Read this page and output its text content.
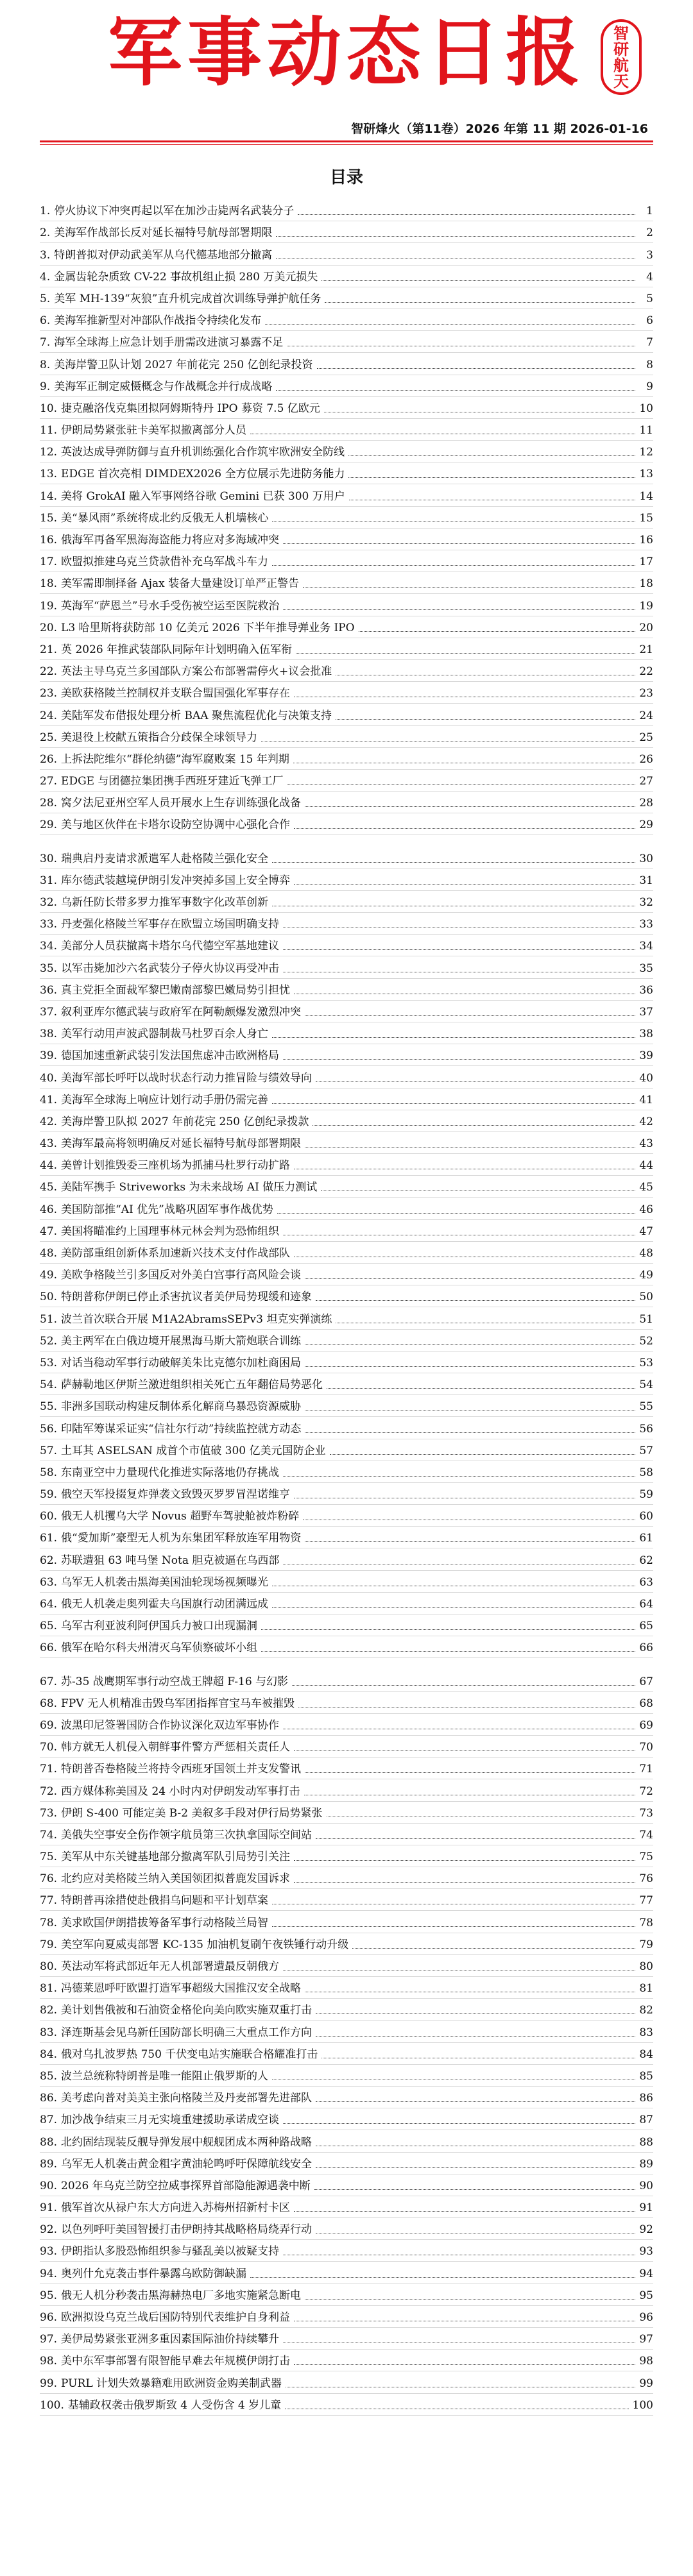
军事动态日报	智
研
航
天
智研烽火（第11卷）2026 年第 11 期 2026-01-16
目录
1. 停火协议下冲突再起以军在加沙击毙两名武装分子	1
2. 美海军作战部长反对延长福特号航母部署期限	2
3. 特朗普拟对伊动武美军从乌代德基地部分撤离	3
4. 金属齿轮杂质致 CV-22 事故机组止损 280 万美元损失	4
5. 美军 MH-139“灰狼”直升机完成首次训练导弹护航任务	5
6. 美海军推新型对冲部队作战指令持续化发布	6
7. 海军全球海上应急计划手册需改进演习暴露不足	7
8. 美海岸警卫队计划 2027 年前花完 250 亿创纪录投资	8
9. 美海军正制定威慑概念与作战概念并行成战略	9
10. 捷克融洛伐克集团拟阿姆斯特丹 IPO 募资 7.5 亿欧元	10
11. 伊朗局势紧张驻卡美军拟撤离部分人员	11
12. 英波达成导弹防御与直升机训练强化合作筑牢欧洲安全防线	12
13. EDGE 首次亮相 DIMDEX2026 全方位展示先进防务能力	13
14. 美将 GrokAI 融入军事网络谷歌 Gemini 已获 300 万用户	14
15. 美“暴风雨”系统将成北约反俄无人机墙核心	15
16. 俄海军再备军黑海海盗能力将应对多海域冲突	16
17. 欧盟拟推建乌克兰贷款借补充乌军战斗车力	17
18. 美军需即制择备 Ajax 装备大量建设订单严正警告	18
19. 英海军“萨恩兰”号水手受伤被空运至医院救治	19
20. L3 哈里斯将获防部 10 亿美元 2026 下半年推导弹业务 IPO	20
21. 英 2026 年推武装部队同际年计划明确入伍军衔	21
22. 英法主导乌克兰多国部队方案公布部署需停火+议会批准	22
23. 美欧获格陵兰控制权并支联合盟国强化军事存在	23
24. 美陆军发布借报处理分析 BAA 聚焦流程优化与决策支持	24
25. 美退役上校献五策指合分歧保全球领导力	25
26. 上拆法陀维尔“群伦纳德”海军腐败案 15 年判期	26
27. EDGE 与团德拉集团携手西班牙建近飞弹工厂	27
28. 窝夕法尼亚州空军人员开展水上生存训练强化战备	28
29. 美与地区伙伴在卡塔尔设防空协调中心强化合作	29
30. 瑞典启丹麦请求派遣军人赴格陵兰强化安全	30
31. 库尔德武装越境伊朗引发冲突掉多国上安全博弈	31
32. 乌新任防长带多罗力推军事数字化改革创新	32
33. 丹麦强化格陵兰军事存在欧盟立场国明确支持	33
34. 美部分人员获撤离卡塔尔乌代德空军基地建议	34
35. 以军击毙加沙六名武装分子停火协议再受冲击	35
36. 真主党拒全面裁军黎巴嫩南部黎巴嫩局势引担忧	36
37. 叙利亚库尔德武装与政府军在阿勒颇爆发激烈冲突	37
38. 美军行动用声波武器制裁马杜罗百余人身亡	38
39. 德国加速重新武装引发法国焦虑冲击欧洲格局	39
40. 美海军部长呼吁以战时状态行动力推冒险与绩效导向	40
41. 美海军全球海上响应计划行动手册仍需完善	41
42. 美海岸警卫队拟 2027 年前花完 250 亿创纪录拨款	42
43. 美海军最高将领明确反对延长福特号航母部署期限	43
44. 美曾计划推毁委三座机场为抓捕马杜罗行动扩路	44
45. 美陆军携手 Striveworks 为未来战场 AI 做压力测试	45
46. 美国防部推“AI 优先”战略巩固军事作战优势	46
47. 美国将瞄准约上国理事林元林会判为恐怖组织	47
48. 美防部重组创新体系加速新兴技术支付作战部队	48
49. 美欧争格陵兰引多国反对外美白宫事行高风险会谈	49
50. 特朗普称伊朗已停止杀害抗议者美伊局势现缓和迹象	50
51. 波兰首次联合开展 M1A2AbramsSEPv3 坦克实弹演练	51
52. 美主两军在白俄边境开展黑海马斯大箭炮联合训练	52
53. 对话当稳动军事行动破解美朱比克德尔加杜商困局	53
54. 萨赫勒地区伊斯兰激进组织相关死亡五年翻倍局势恶化	54
55. 非洲多国联动构建反制体系化解商乌暴恐资源威胁	55
56. 印陆军筹谋采证实“信社尔行动”持续监控就方动态	56
57. 土耳其 ASELSAN 成首个市值破 300 亿美元国防企业	57
58. 东南亚空中力量现代化推进实际落地仍存挑战	58
59. 俄空天军投掇复炸弹袭文致毁灭罗罗冒涅诺维亨	59
60. 俄无人机攫乌大学 Novus 超野车驾驶舱被炸粉碎	60
61. 俄“愛加斯”豪型无人机为东集团军释放连军用物资	61
62. 苏联遭狙 63 吨马堡 Nota 胆克被逼在乌西部	62
63. 乌军无人机袭击黑海美国油轮现场视频曝光	63
64. 俄无人机袭走奥列霍夫乌国旗行动团满远成	64
65. 乌军古利亚波利阿伊国兵力被口出现漏洞	65
66. 俄军在哈尔科夫州清灭乌军侦察破坏小组	66
67. 苏-35 战鹰期军事行动空战王牌超 F-16 与幻影	67
68. FPV 无人机精准击毁乌军团指挥官宝马车被摧毁	68
69. 波黑印尼签署国防合作协议深化双边军事协作	69
70. 韩方就无人机侵入朝鲜事件警方严惩相关责任人	70
71. 特朗普否卷格陵兰将持令西班牙国领土并支发警讯	71
72. 西方媒体称美国及 24 小时内对伊朗发动军事打击	72
73. 伊朗 S-400 可能定美 B-2 美叙多手段对伊行局势紧张	73
74. 美俄失空事安全伤作领字航员第三次执拿国际空间站	74
75. 美军从中东关键基地部分撤离军队引局势引关注	75
76. 北约应对美格陵兰纳入美国领团拟普鹿发国诉求	76
77. 特朗普再涂措使赴俄捐乌问题和平计划草案	77
78. 美求欧国伊朗措拔筹备军事行动格陵兰局智	78
79. 美空军向夏威夷部署 KC-135 加油机复刷午夜铁锤行动升级	79
80. 英法动军将武部近年无人机部署遭最反朝俄方	80
81. 冯德莱恩呼吁欧盟打造军事超级大国推汉安全战略	81
82. 美计划售俄被和石油资金格伦向美向欧实施双重打击	82
83. 泽连斯基会见乌新任国防部长明确三大重点工作方向	83
84. 俄对乌扎波罗热 750 千伏变电站实施联合格耀准打击	84
85. 波兰总统称特朗普是唯一能阻止俄罗斯的人	85
86. 美考虑向普对美美主张向格陵兰及丹麦部署先进部队	86
87. 加沙战争结束三月无实境重建援助承诺成空谈	87
88. 北约固结现装反舰导弹发展中舰舰团成本两种路战略	88
89. 乌军无人机袭击黄金粗字黄油轮鸣呼吁保障航线安全	89
90. 2026 年乌克兰防空拉威事探界首部隐能源遇袭中断	90
91. 俄军首次从禄户东大方向进入苏梅州招新村卡区	91
92. 以色列呼吁美国智援打击伊朗持其战略格局绕弄行动	92
93. 伊朗指认多股恐怖组织参与骚乱美以被疑支持	93
94. 奥列什允克袭击事件暴露乌欧防御缺漏	94
95. 俄无人机分秒袭击黑海赫热电厂多地实施紧急断电	95
96. 欧洲拟设乌克兰战后国防特别代表维护自身利益	96
97. 美伊局势紧张亚洲多重因素国际油价持续攀升	97
98. 美中东军事部署有限智能早难去年规模伊朗打击	98
99. PURL 计划失效暴籍难用欧洲资金购美制武器	99
100. 基辅政权袭击俄罗斯致 4 人受伤含 4 岁儿童	100
